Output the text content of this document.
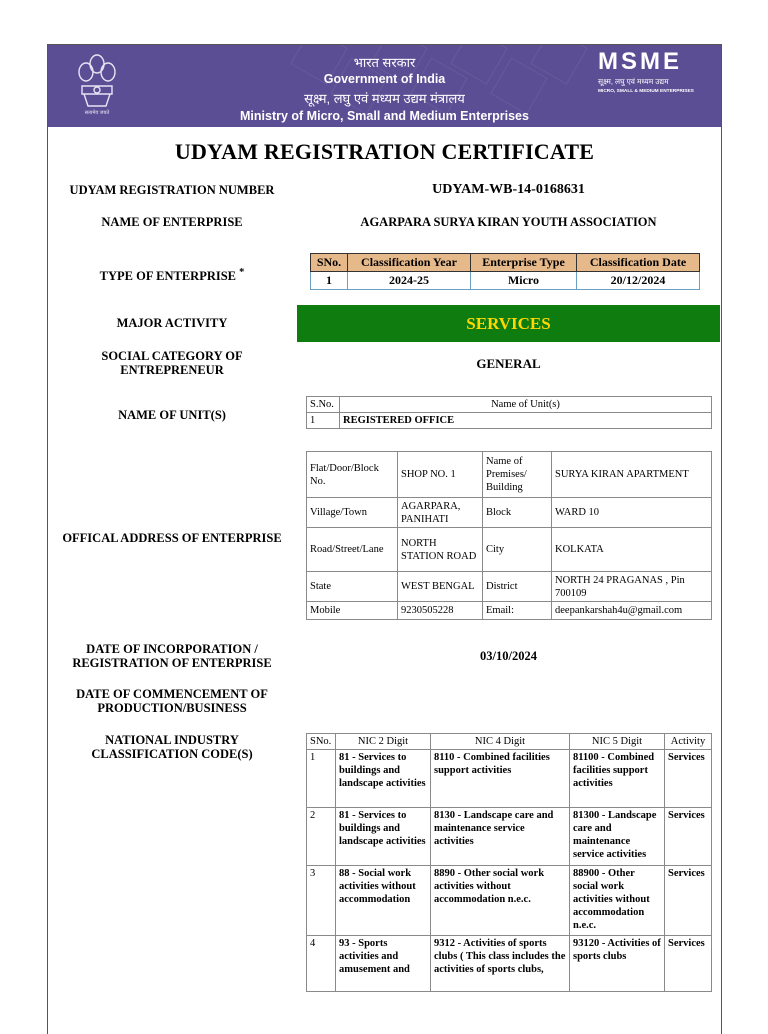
सत्यमेव जयते
भारत सरकार
Government of India
सूक्ष्म, लघु एवं मध्यम उद्यम मंत्रालय
Ministry of Micro, Small and Medium Enterprises
MSME
सूक्ष्म, लघु एवं मध्यम उद्यम
MICRO, SMALL & MEDIUM ENTERPRISES
UDYAM REGISTRATION CERTIFICATE
UDYAM REGISTRATION NUMBER	UDYAM-WB-14-0168631
NAME OF ENTERPRISE	AGARPARA SURYA KIRAN YOUTH ASSOCIATION
TYPE OF ENTERPRISE *
SNo.	Classification Year	Enterprise Type	Classification Date
1	2024-25	Micro	20/12/2024
MAJOR ACTIVITY	SERVICES
SOCIAL CATEGORY OF
ENTREPRENEUR	GENERAL
NAME OF UNIT(S)
S.No.	Name of Unit(s)
1	REGISTERED OFFICE
OFFICAL ADDRESS OF ENTERPRISE
Flat/Door/Block No.	SHOP NO. 1	Name of Premises/ Building	SURYA KIRAN APARTMENT
Village/Town	AGARPARA, PANIHATI	Block	WARD 10
Road/Street/Lane	NORTH STATION ROAD	City	KOLKATA
State	WEST BENGAL	District	NORTH 24 PRAGANAS , Pin 700109
Mobile	9230505228	Email:	deepankarshah4u@gmail.com
DATE OF INCORPORATION /
REGISTRATION OF ENTERPRISE	03/10/2024
DATE OF COMMENCEMENT OF
PRODUCTION/BUSINESS
NATIONAL INDUSTRY
CLASSIFICATION CODE(S)
SNo.	NIC 2 Digit	NIC 4 Digit	NIC 5 Digit	Activity
1	81 - Services to buildings and landscape activities	8110 - Combined facilities support activities	81100 - Combined facilities support activities	Services
2	81 - Services to buildings and landscape activities	8130 - Landscape care and maintenance service activities	81300 - Landscape care and maintenance service activities	Services
3	88 - Social work activities without accommodation	8890 - Other social work activities without accommodation n.e.c.	88900 - Other social work activities without accommodation n.e.c.	Services
4	93 - Sports activities and amusement and	9312 - Activities of sports clubs ( This class includes the activities of sports clubs,	93120 - Activities of sports clubs	Services
